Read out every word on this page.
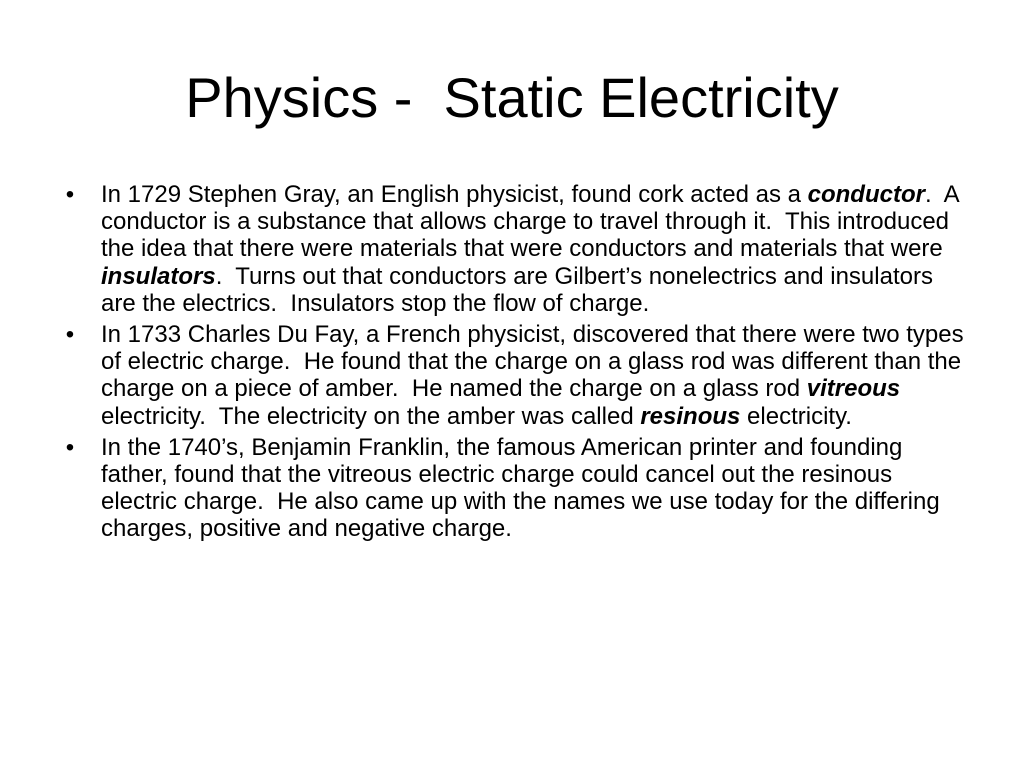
Physics -  Static Electricity
• In 1729 Stephen Gray, an English physicist, found cork acted as a conductor.  A conductor is a substance that allows charge to travel through it.  This introduced the idea that there were materials that were conductors and materials that were insulators.  Turns out that conductors are Gilbert’s nonelectrics and insulators are the electrics.  Insulators stop the flow of charge.
• In 1733 Charles Du Fay, a French physicist, discovered that there were two types of electric charge.  He found that the charge on a glass rod was different than the charge on a piece of amber.  He named the charge on a glass rod vitreous electricity.  The electricity on the amber was called resinous electricity.
• In the 1740’s, Benjamin Franklin, the famous American printer and founding father, found that the vitreous electric charge could cancel out the resinous electric charge.  He also came up with the names we use today for the differing charges, positive and negative charge.
